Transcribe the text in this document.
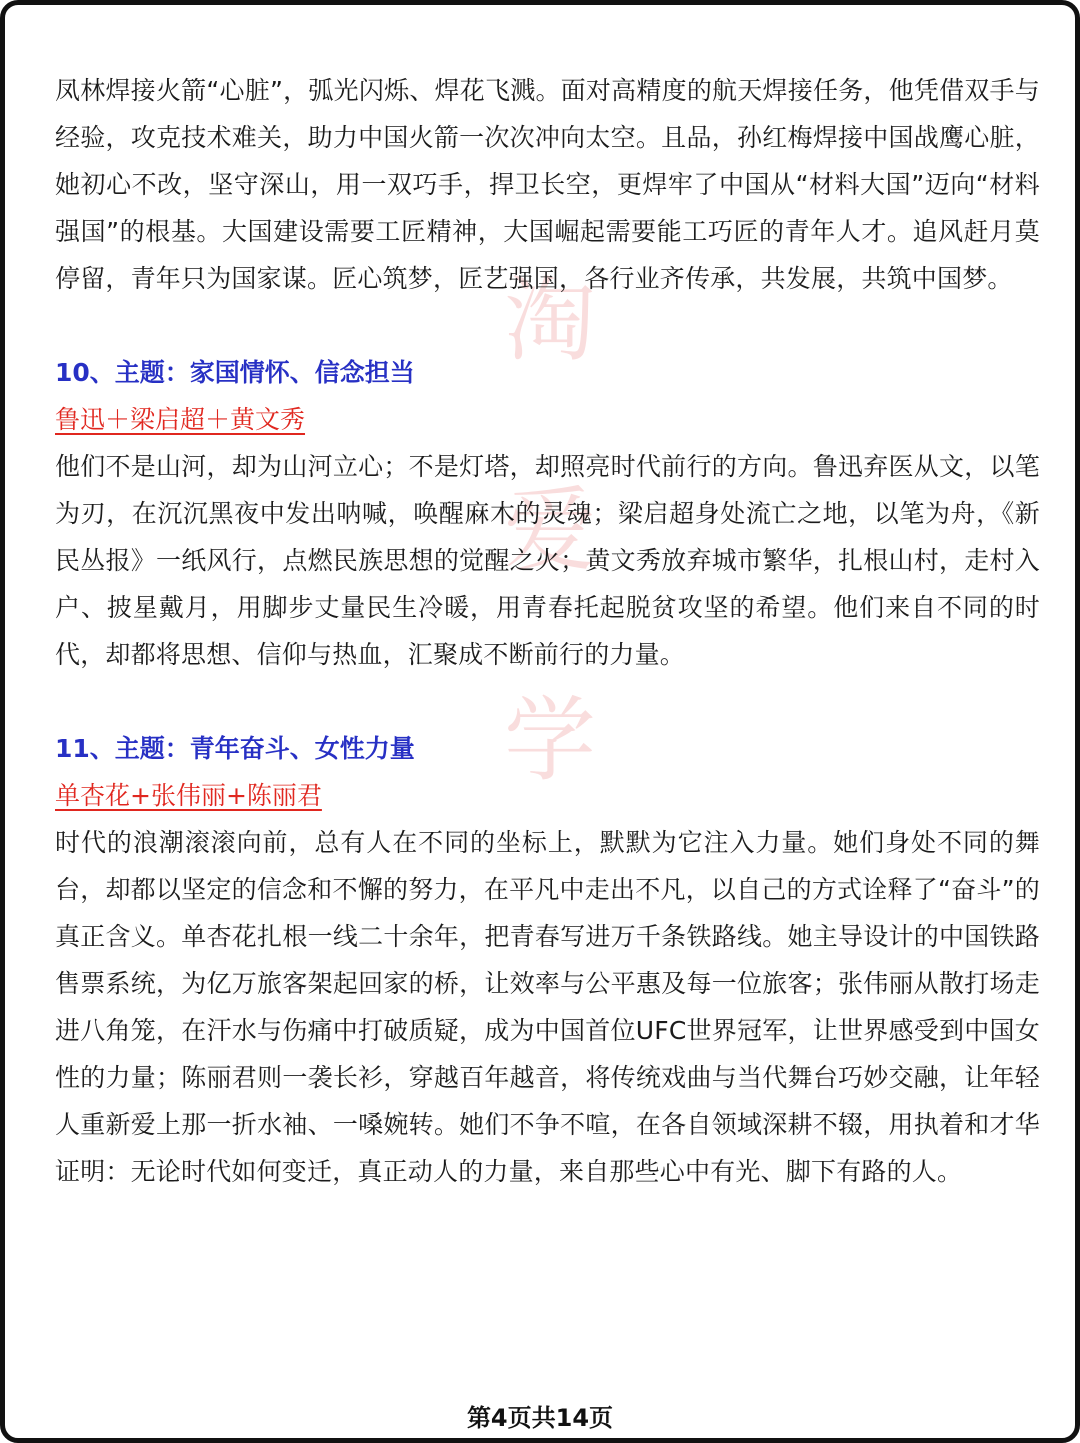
淘
爱
学

凤林焊接火箭“心脏”，弧光闪烁、焊花飞溅。面对高精度的航天焊接任务，他凭借双手与经验，攻克技术难关，助力中国火箭一次次冲向太空。且品，孙红梅焊接中国战鹰心脏，她初心不改，坚守深山，用一双巧手，捍卫长空，更焊牢了中国从“材料大国”迈向“材料强国”的根基。大国建设需要工匠精神，大国崛起需要能工巧匠的青年人才。追风赶月莫停留，青年只为国家谋。匠心筑梦，匠艺强国，各行业齐传承，共发展，共筑中国梦。

10、主题：家国情怀、信念担当

鲁迅＋梁启超＋黄文秀

他们不是山河，却为山河立心；不是灯塔，却照亮时代前行的方向。鲁迅弃医从文，以笔为刃，在沉沉黑夜中发出呐喊，唤醒麻木的灵魂；梁启超身处流亡之地，以笔为舟，《新民丛报》一纸风行，点燃民族思想的觉醒之火；黄文秀放弃城市繁华，扎根山村，走村入户、披星戴月，用脚步丈量民生冷暖，用青春托起脱贫攻坚的希望。他们来自不同的时代，却都将思想、信仰与热血，汇聚成不断前行的力量。

11、主题：青年奋斗、女性力量

单杏花+张伟丽+陈丽君

时代的浪潮滚滚向前，总有人在不同的坐标上，默默为它注入力量。她们身处不同的舞台，却都以坚定的信念和不懈的努力，在平凡中走出不凡，以自己的方式诠释了“奋斗”的真正含义。单杏花扎根一线二十余年，把青春写进万千条铁路线。她主导设计的中国铁路售票系统，为亿万旅客架起回家的桥，让效率与公平惠及每一位旅客；张伟丽从散打场走进八角笼，在汗水与伤痛中打破质疑，成为中国首位UFC世界冠军，让世界感受到中国女性的力量；陈丽君则一袭长衫，穿越百年越音，将传统戏曲与当代舞台巧妙交融，让年轻人重新爱上那一折水袖、一嗓婉转。她们不争不喧，在各自领域深耕不辍，用执着和才华证明：无论时代如何变迁，真正动人的力量，来自那些心中有光、脚下有路的人。

第4页共14页
